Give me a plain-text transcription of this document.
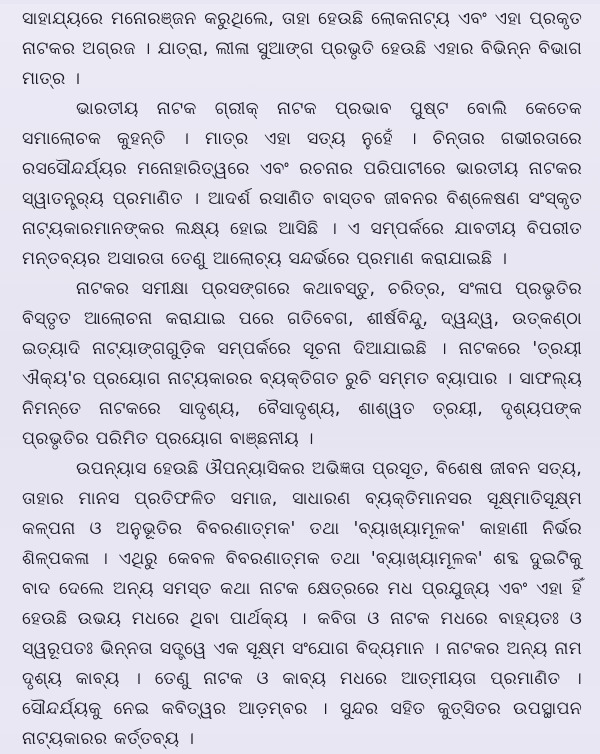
ସାହାଯ୍ୟରେ ମନୋରଞ୍ଜନ କରୁଥିଲେ, ତାହା ହେଉଛି ଲୋକନାଟ୍ୟ ଏବଂ ଏହା ପ୍ରକୃତ ନାଟକର ଅଗ୍ରଜ । ଯାତ୍ରା, ଲୀଳା ସୁଆଙ୍ଗ ପ୍ରଭୃତି ହେଉଛି ଏହାର ବିଭିନ୍ନ ବିଭାଗ ମାତ୍ର ।

ଭାରତୀୟ ନାଟକ ଗ୍ରୀକ୍ ନାଟକ ପ୍ରଭାବ ପୁଷ୍ଟ ବୋଲି କେତେକ ସମାଲୋଚକ କୁହନ୍ତି । ମାତ୍ର ଏହା ସତ୍ୟ ନୁହେଁ । ଚିନ୍ତାର ଗଭୀରତାରେ ରସସୌନ୍ଦର୍ଯ୍ୟର ମନୋହାରିତ୍ୱରେ ଏବଂ ରଚନାର ପରିପାଟୀରେ ଭାରତୀୟ ନାଟକର ସ୍ୱାତନ୍ତ୍ର୍ୟ ପ୍ରମାଣିତ । ଆଦର୍ଶ ରସାଣିତ ବାସ୍ତବ ଜୀବନର ବିଶ୍ଳେଷଣ ସଂସ୍କୃତ ନାଟ୍ୟକାରମାନଙ୍କର ଲକ୍ଷ୍ୟ ହୋଇ ଆସିଛି । ଏ ସମ୍ପର୍କରେ ଯାବତୀୟ ବିପରୀତ ମନ୍ତବ୍ୟର ଅସାରତା ତେଣୁ ଆଲୋଚ୍ୟ ସନ୍ଦର୍ଭରେ ପ୍ରମାଣ କରାଯାଇଛି ।

ନାଟକର ସମୀକ୍ଷା ପ୍ରସଙ୍ଗରେ କଥାବସ୍ତୁ, ଚରିତ୍ର, ସଂଳାପ ପ୍ରଭୃତିର ବିସ୍ତୃତ ଆଲୋଚନା କରାଯାଇ ପରେ ଗତିବେଗ, ଶୀର୍ଷବିନ୍ଦୁ, ଦ୍ୱନ୍ଦ୍ୱ, ଉତ୍କଣ୍ଠା ଇତ୍ୟାଦି ନାଟ୍ୟାଙ୍ଗଗୁଡ଼ିକ ସମ୍ପର୍କରେ ସୂଚନା ଦିଆଯାଇଛି । ନାଟକରେ 'ତ୍ରୟୀ ଐକ୍ୟ'ର ପ୍ରୟୋଗ ନାଟ୍ୟକାରର ବ୍ୟକ୍ତିଗତ ରୁଚି ସମ୍ମତ ବ୍ୟାପାର । ସାଫଲ୍ୟ ନିମନ୍ତେ ନାଟକରେ ସାଦୃଶ୍ୟ, ବୈସାଦୃଶ୍ୟ, ଶାଶ୍ୱତ ତ୍ରୟୀ, ଦୃଶ୍ୟପଙ୍କ ପ୍ରଭୃତିର ପରିମିତ ପ୍ରୟୋଗ ବାଞ୍ଛନୀୟ ।

ଉପନ୍ୟାସ ହେଉଛି ଔପନ୍ୟାସିକର ଅଭିଜ୍ଞତା ପ୍ରସୂତ, ବିଶେଷ ଜୀବନ ସତ୍ୟ, ତାହାର ମାନସ ପ୍ରତିଫଳିତ ସମାଜ, ସାଧାରଣ ବ୍ୟକ୍ତିମାନସର ସୂକ୍ଷ୍ମାତିସୂକ୍ଷ୍ମ କଳ୍ପନା ଓ ଅନୁଭୂତିର ବିବରଣାତ୍ମକ' ତଥା 'ବ୍ୟାଖ୍ୟାମୂଳକ' କାହାଣୀ ନିର୍ଭର ଶିଳ୍ପକଳା । ଏଥିରୁ କେବଳ ବିବରଣାତ୍ମକ ତଥା 'ବ୍ୟାଖ୍ୟାମୂଳକ' ଶବ୍ଦ ଦୁଇଟିକୁ ବାଦ ଦେଲେ ଅନ୍ୟ ସମସ୍ତ କଥା ନାଟକ କ୍ଷେତ୍ରରେ ମଧ ପ୍ରଯୁଜ୍ୟ ଏବଂ ଏହା ହିଁ ହେଉଛି ଉଭୟ ମଧରେ ଥିବା ପାର୍ଥକ୍ୟ । କବିତା ଓ ନାଟକ ମଧରେ ବାହ୍ୟତଃ ଓ ସ୍ୱରୂପତଃ ଭିନ୍ନତା ସତ୍ତ୍ୱେ ଏକ ସୂକ୍ଷ୍ମ ସଂଯୋଗ ବିଦ୍ୟମାନ । ନାଟକର ଅନ୍ୟ ନାମ ଦୃଶ୍ୟ କାବ୍ୟ । ତେଣୁ ନାଟକ ଓ କାବ୍ୟ ମଧରେ ଆତ୍ମୀୟତା ପ୍ରମାଣିତ । ସୌନ୍ଦର୍ଯ୍ୟକୁ ନେଇ କବିତ୍ୱର ଆଡ଼ମ୍ବର । ସୁନ୍ଦର ସହିତ କୁତ୍ସିତର ଉପସ୍ଥାପନ ନାଟ୍ୟକାରର କର୍ତ୍ତବ୍ୟ ।
